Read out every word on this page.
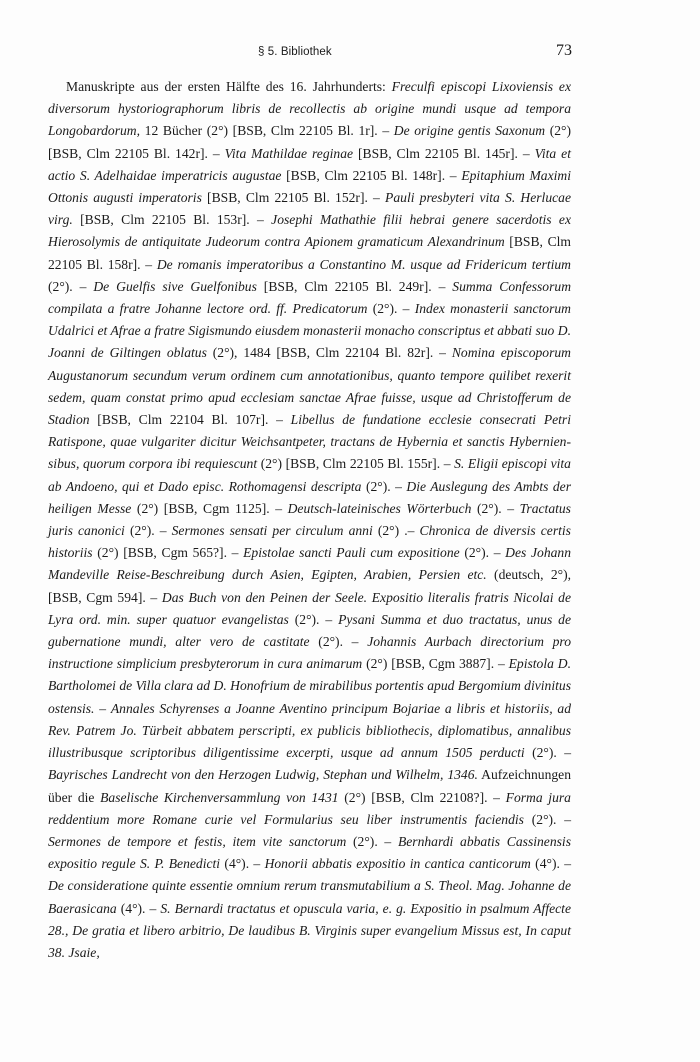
§ 5. Bibliothek	73

Manuskripte aus der ersten Hälfte des 16. Jahrhunderts: Freculfi episcopi Lixoviensis ex diversorum hystoriographorum libris de recollectis ab origine mundi usque ad tempora Longobardorum, 12 Bücher (2°) [BSB, Clm 22105 Bl. 1r]. – De origine gentis Saxonum (2°) [BSB, Clm 22105 Bl. 142r]. – Vita Mathildae reginae [BSB, Clm 22105 Bl. 145r]. – Vita et actio S. Adelhaidae imperatricis augustae [BSB, Clm 22105 Bl. 148r]. – Epitaphium Maximi Ottonis augusti imperatoris [BSB, Clm 22105 Bl. 152r]. – Pauli presbyteri vita S. Herlucae virg. [BSB, Clm 22105 Bl. 153r]. – Josephi Mathathie filii hebrai genere sacerdotis ex Hierosolymis de antiquitate Judeorum contra Apionem gramaticum Alexandrinum [BSB, Clm 22105 Bl. 158r]. – De romanis imperatoribus a Constantino M. usque ad Fridericum tertium (2°). – De Guelfis sive Guelfonibus [BSB, Clm 22105 Bl. 249r]. – Summa Confessorum compilata a fratre Johanne lectore ord. ff. Predicatorum (2°). – Index monasterii sanctorum Udalrici et Afrae a fratre Sigismundo eiusdem monasterii monacho conscriptus et abbati suo D. Joanni de Giltingen oblatus (2°), 1484 [BSB, Clm 22104 Bl. 82r]. – Nomina episcoporum Augustanorum secundum verum ordinem cum annotationibus, quanto tempore quilibet rexerit sedem, quam constat primo apud ecclesiam sanctae Afrae fuisse, usque ad Christofferum de Stadion [BSB, Clm 22104 Bl. 107r]. – Libellus de fundatione ecclesie consecrati Petri Ratispone, quae vulgariter dicitur Weichsantpeter, tractans de Hybernia et sanctis Hyberniensibus, quorum corpora ibi requiescunt (2°) [BSB, Clm 22105 Bl. 155r]. – S. Eligii episcopi vita ab Andoeno, qui et Dado episc. Rothomagensi descripta (2°). – Die Auslegung des Ambts der heiligen Messe (2°) [BSB, Cgm 1125]. – Deutsch-lateinisches Wörterbuch (2°). – Tractatus juris canonici (2°). – Sermones sensati per circulum anni (2°) .– Chronica de diversis certis historiis (2°) [BSB, Cgm 565?]. – Epistolae sancti Pauli cum expositione (2°). – Des Johann Mandeville Reise-Beschreibung durch Asien, Egipten, Arabien, Persien etc. (deutsch, 2°), [BSB, Cgm 594]. – Das Buch von den Peinen der Seele. Expositio literalis fratris Nicolai de Lyra ord. min. super quatuor evangelistas (2°). – Pysani Summa et duo tractatus, unus de gubernatione mundi, alter vero de castitate (2°). – Johannis Aurbach directorium pro instructione simplicium presbyterorum in cura animarum (2°) [BSB, Cgm 3887]. – Epistola D. Bartholomei de Villa clara ad D. Honofrium de mirabilibus portentis apud Bergomium divinitus ostensis. – Annales Schyrenses a Joanne Aventino principum Bojariae a libris et historiis, ad Rev. Patrem Jo. Türbeit abbatem perscripti, ex publicis bibliothecis, diplomatibus, annalibus illustribusque scriptoribus diligentissime excerpti, usque ad annum 1505 perducti (2°). – Bayrisches Landrecht von den Herzogen Ludwig, Stephan und Wilhelm, 1346. Aufzeichnungen über die Baselische Kirchenversammlung von 1431 (2°) [BSB, Clm 22108?]. – Forma jura reddentium more Romane curie vel Formularius seu liber instrumentis faciendis (2°). – Sermones de tempore et festis, item vite sanctorum (2°). – Bernhardi abbatis Cassinensis expositio regule S. P. Benedicti (4°). – Honorii abbatis expositio in cantica canticorum (4°). – De consideratione quinte essentie omnium rerum transmutabilium a S. Theol. Mag. Johanne de Baerasicana (4°). – S. Bernardi tractatus et opuscula varia, e. g. Expositio in psalmum Affecte 28., De gratia et libero arbitrio, De laudibus B. Virginis super evangelium Missus est, In caput 38. Jsaie,
